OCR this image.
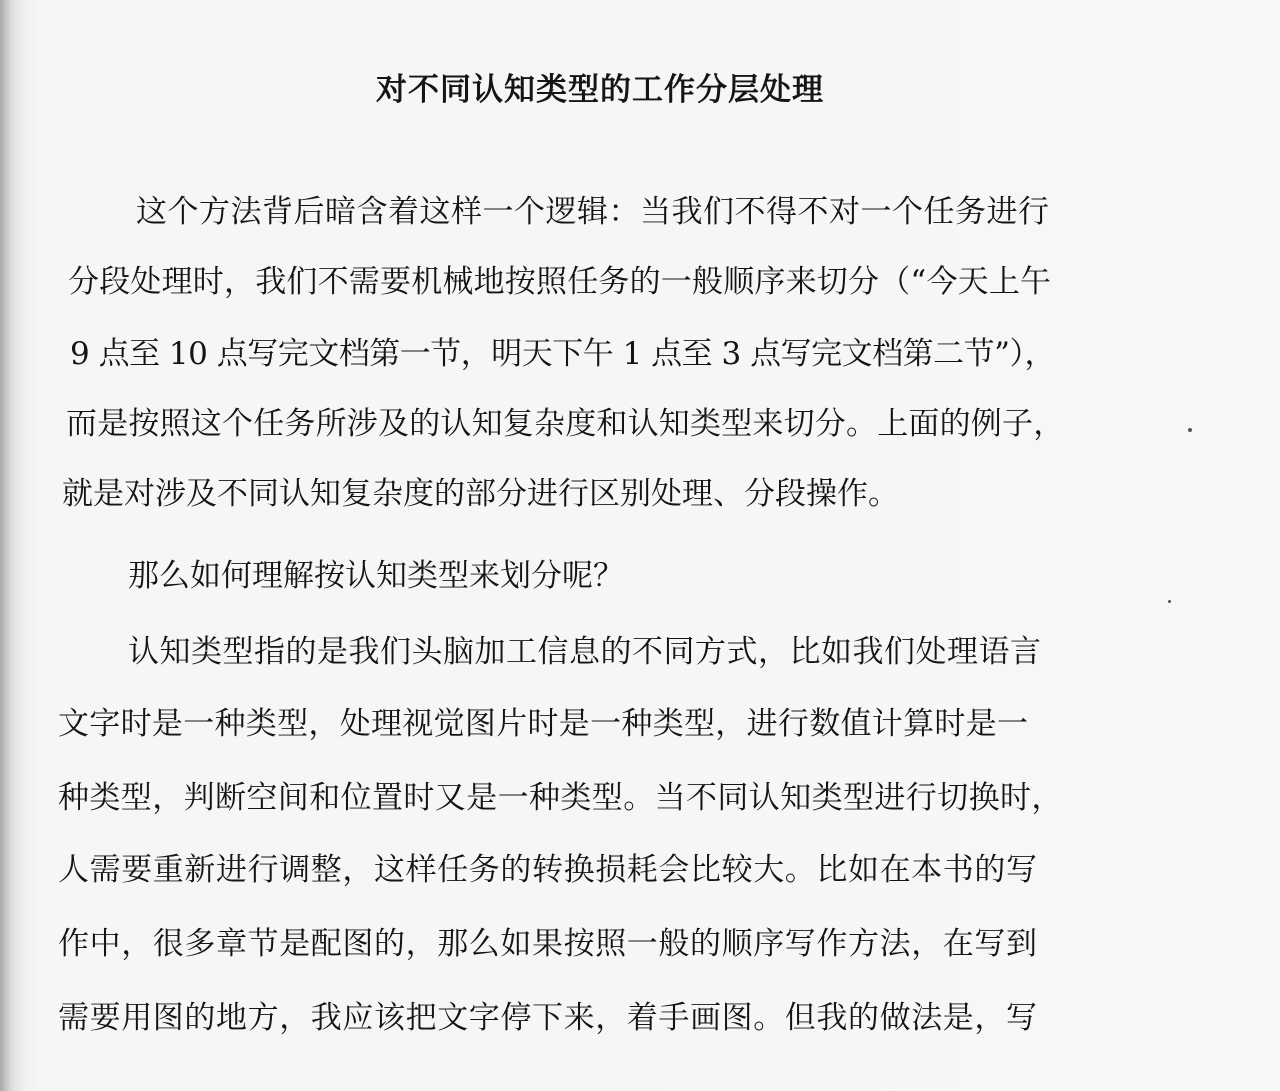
对不同认知类型的工作分层处理
这个方法背后暗含着这样一个逻辑：当我们不得不对一个任务进行
分段处理时，我们不需要机械地按照任务的一般顺序来切分（“今天上午
9 点至 10 点写完文档第一节，明天下午 1 点至 3 点写完文档第二节”），
而是按照这个任务所涉及的认知复杂度和认知类型来切分。上面的例子，
就是对涉及不同认知复杂度的部分进行区别处理、分段操作。
那么如何理解按认知类型来划分呢？
认知类型指的是我们头脑加工信息的不同方式，比如我们处理语言
文字时是一种类型，处理视觉图片时是一种类型，进行数值计算时是一
种类型，判断空间和位置时又是一种类型。当不同认知类型进行切换时，
人需要重新进行调整，这样任务的转换损耗会比较大。比如在本书的写
作中，很多章节是配图的，那么如果按照一般的顺序写作方法，在写到
需要用图的地方，我应该把文字停下来，着手画图。但我的做法是，写
